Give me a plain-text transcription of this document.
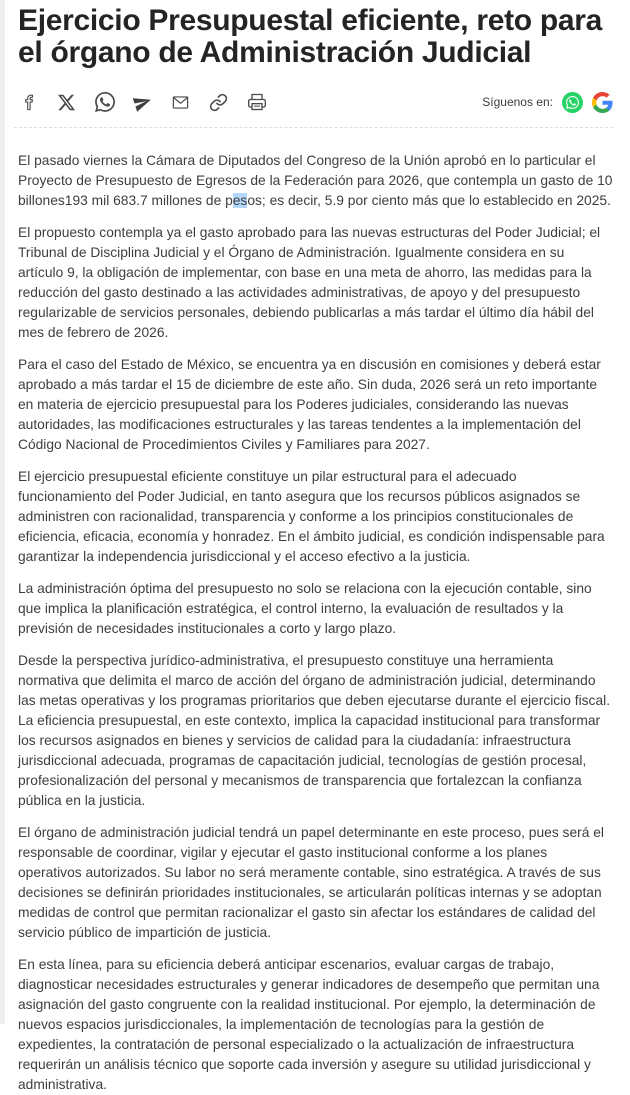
Ejercicio Presupuestal eficiente, reto para
el órgano de Administración Judicial
Síguenos en:

El pasado viernes la Cámara de Diputados del Congreso de la Unión aprobó en lo particular el Proyecto de Presupuesto de Egresos de la Federación para 2026, que contempla un gasto de 10 billones193 mil 683.7 millones de pesos; es decir, 5.9 por ciento más que lo establecido en 2025.

El propuesto contempla ya el gasto aprobado para las nuevas estructuras del Poder Judicial; el Tribunal de Disciplina Judicial y el Órgano de Administración. Igualmente considera en su artículo 9, la obligación de implementar, con base en una meta de ahorro, las medidas para la reducción del gasto destinado a las actividades administrativas, de apoyo y del presupuesto regularizable de servicios personales, debiendo publicarlas a más tardar el último día hábil del mes de febrero de 2026.

Para el caso del Estado de México, se encuentra ya en discusión en comisiones y deberá estar aprobado a más tardar el 15 de diciembre de este año. Sin duda, 2026 será un reto importante en materia de ejercicio presupuestal para los Poderes judiciales, considerando las nuevas autoridades, las modificaciones estructurales y las tareas tendentes a la implementación del Código Nacional de Procedimientos Civiles y Familiares para 2027.

El ejercicio presupuestal eficiente constituye un pilar estructural para el adecuado funcionamiento del Poder Judicial, en tanto asegura que los recursos públicos asignados se administren con racionalidad, transparencia y conforme a los principios constitucionales de eficiencia, eficacia, economía y honradez. En el ámbito judicial, es condición indispensable para garantizar la independencia jurisdiccional y el acceso efectivo a la justicia.

La administración óptima del presupuesto no solo se relaciona con la ejecución contable, sino que implica la planificación estratégica, el control interno, la evaluación de resultados y la previsión de necesidades institucionales a corto y largo plazo.

Desde la perspectiva jurídico-administrativa, el presupuesto constituye una herramienta normativa que delimita el marco de acción del órgano de administración judicial, determinando las metas operativas y los programas prioritarios que deben ejecutarse durante el ejercicio fiscal. La eficiencia presupuestal, en este contexto, implica la capacidad institucional para transformar los recursos asignados en bienes y servicios de calidad para la ciudadanía: infraestructura jurisdiccional adecuada, programas de capacitación judicial, tecnologías de gestión procesal, profesionalización del personal y mecanismos de transparencia que fortalezcan la confianza pública en la justicia.

El órgano de administración judicial tendrá un papel determinante en este proceso, pues será el responsable de coordinar, vigilar y ejecutar el gasto institucional conforme a los planes operativos autorizados. Su labor no será meramente contable, sino estratégica. A través de sus decisiones se definirán prioridades institucionales, se articularán políticas internas y se adoptan medidas de control que permitan racionalizar el gasto sin afectar los estándares de calidad del servicio público de impartición de justicia.

En esta línea, para su eficiencia deberá anticipar escenarios, evaluar cargas de trabajo, diagnosticar necesidades estructurales y generar indicadores de desempeño que permitan una asignación del gasto congruente con la realidad institucional. Por ejemplo, la determinación de nuevos espacios jurisdiccionales, la implementación de tecnologías para la gestión de expedientes, la contratación de personal especializado o la actualización de infraestructura requerirán un análisis técnico que soporte cada inversión y asegure su utilidad jurisdiccional y administrativa.
